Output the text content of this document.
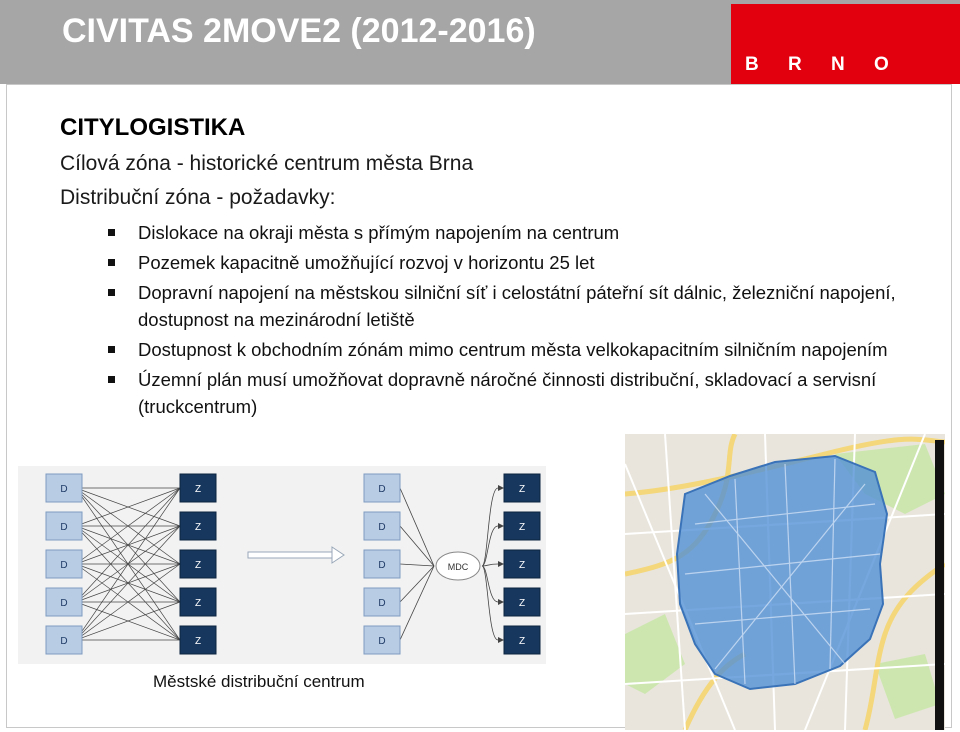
CIVITAS 2MOVE2 (2012-2016)
B R N O
CITYLOGISTIKA
Cílová zóna - historické centrum města Brna
Distribuční zóna - požadavky:
Dislokace na okraji města s přímým napojením na centrum
Pozemek kapacitně umožňující rozvoj v horizontu 25 let
Dopravní napojení na městskou silniční síť i celostátní páteřní sít dálnic, železniční napojení, dostupnost na mezinárodní letiště
Dostupnost k obchodním zónám mimo centrum města velkokapacitním silničním napojením
Územní plán musí umožňovat dopravně náročné činnosti distribuční, skladovací a servisní (truckcentrum)
D
D
D
D
D
Z
Z
Z
Z
Z
D
D
D
D
D
Z
Z
Z
Z
Z
MDC
Městské distribuční centrum
